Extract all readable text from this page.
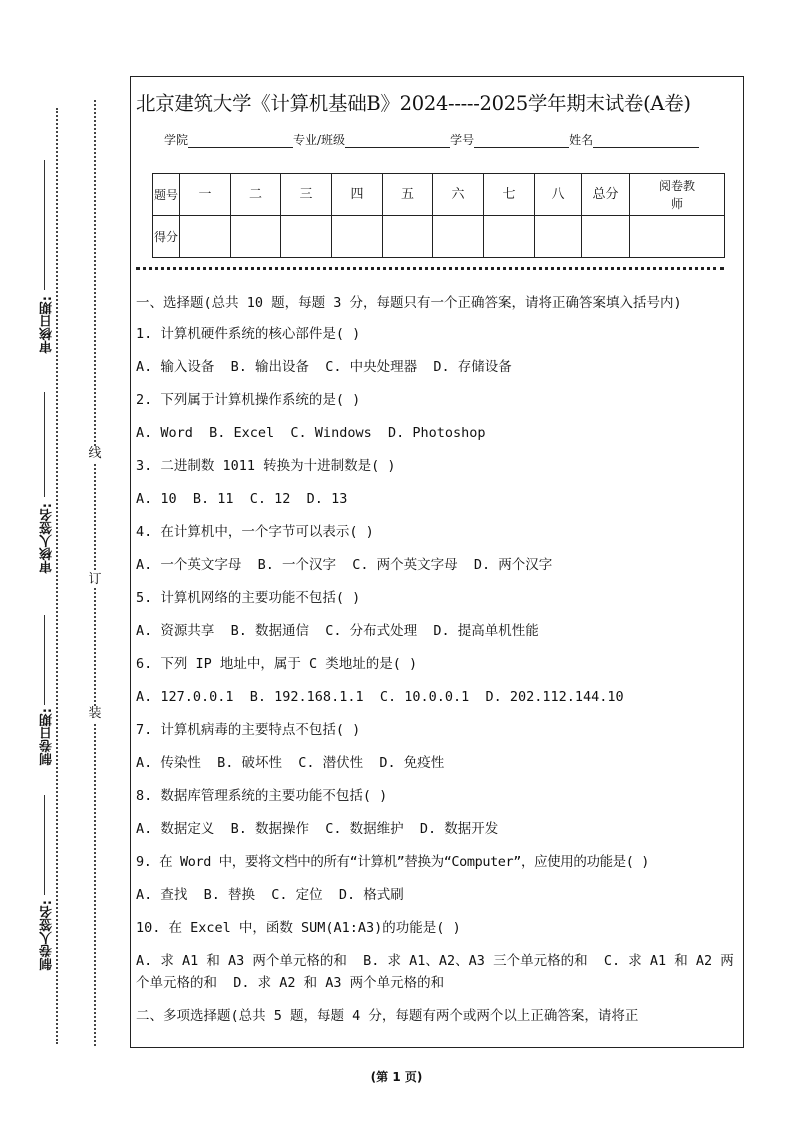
审核日期:
审核人签名:
制卷日期:
制卷人签名:
线
订
装
北京建筑大学《计算机基础B》2024-----2025学年期末试卷(A卷)
学院	专业/班级	学号	姓名
题号	一	二	三	四	五	六	七	八	总分	阅卷教师
得分										

一、选择题(总共 10 题，每题 3 分，每题只有一个正确答案，请将正确答案填入括号内)

1. 计算机硬件系统的核心部件是( )

A. 输入设备  B. 输出设备  C. 中央处理器  D. 存储设备

2. 下列属于计算机操作系统的是( )

A. Word  B. Excel  C. Windows  D. Photoshop

3. 二进制数 1011 转换为十进制数是( )

A. 10  B. 11  C. 12  D. 13

4. 在计算机中，一个字节可以表示( )

A. 一个英文字母  B. 一个汉字  C. 两个英文字母  D. 两个汉字

5. 计算机网络的主要功能不包括( )

A. 资源共享  B. 数据通信  C. 分布式处理  D. 提高单机性能

6. 下列 IP 地址中，属于 C 类地址的是( )

A. 127.0.0.1  B. 192.168.1.1  C. 10.0.0.1  D. 202.112.144.10

7. 计算机病毒的主要特点不包括( )

A. 传染性  B. 破坏性  C. 潜伏性  D. 免疫性

8. 数据库管理系统的主要功能不包括( )

A. 数据定义  B. 数据操作  C. 数据维护  D. 数据开发

9. 在 Word 中，要将文档中的所有“计算机”替换为“Computer”，应使用的功能是( )

A. 查找  B. 替换  C. 定位  D. 格式刷

10. 在 Excel 中，函数 SUM(A1:A3)的功能是( )

A. 求 A1 和 A3 两个单元格的和  B. 求 A1、A2、A3 三个单元格的和  C. 求 A1 和 A2 两个单元格的和  D. 求 A2 和 A3 两个单元格的和

二、多项选择题(总共 5 题，每题 4 分，每题有两个或两个以上正确答案，请将正

(第 1 页)
